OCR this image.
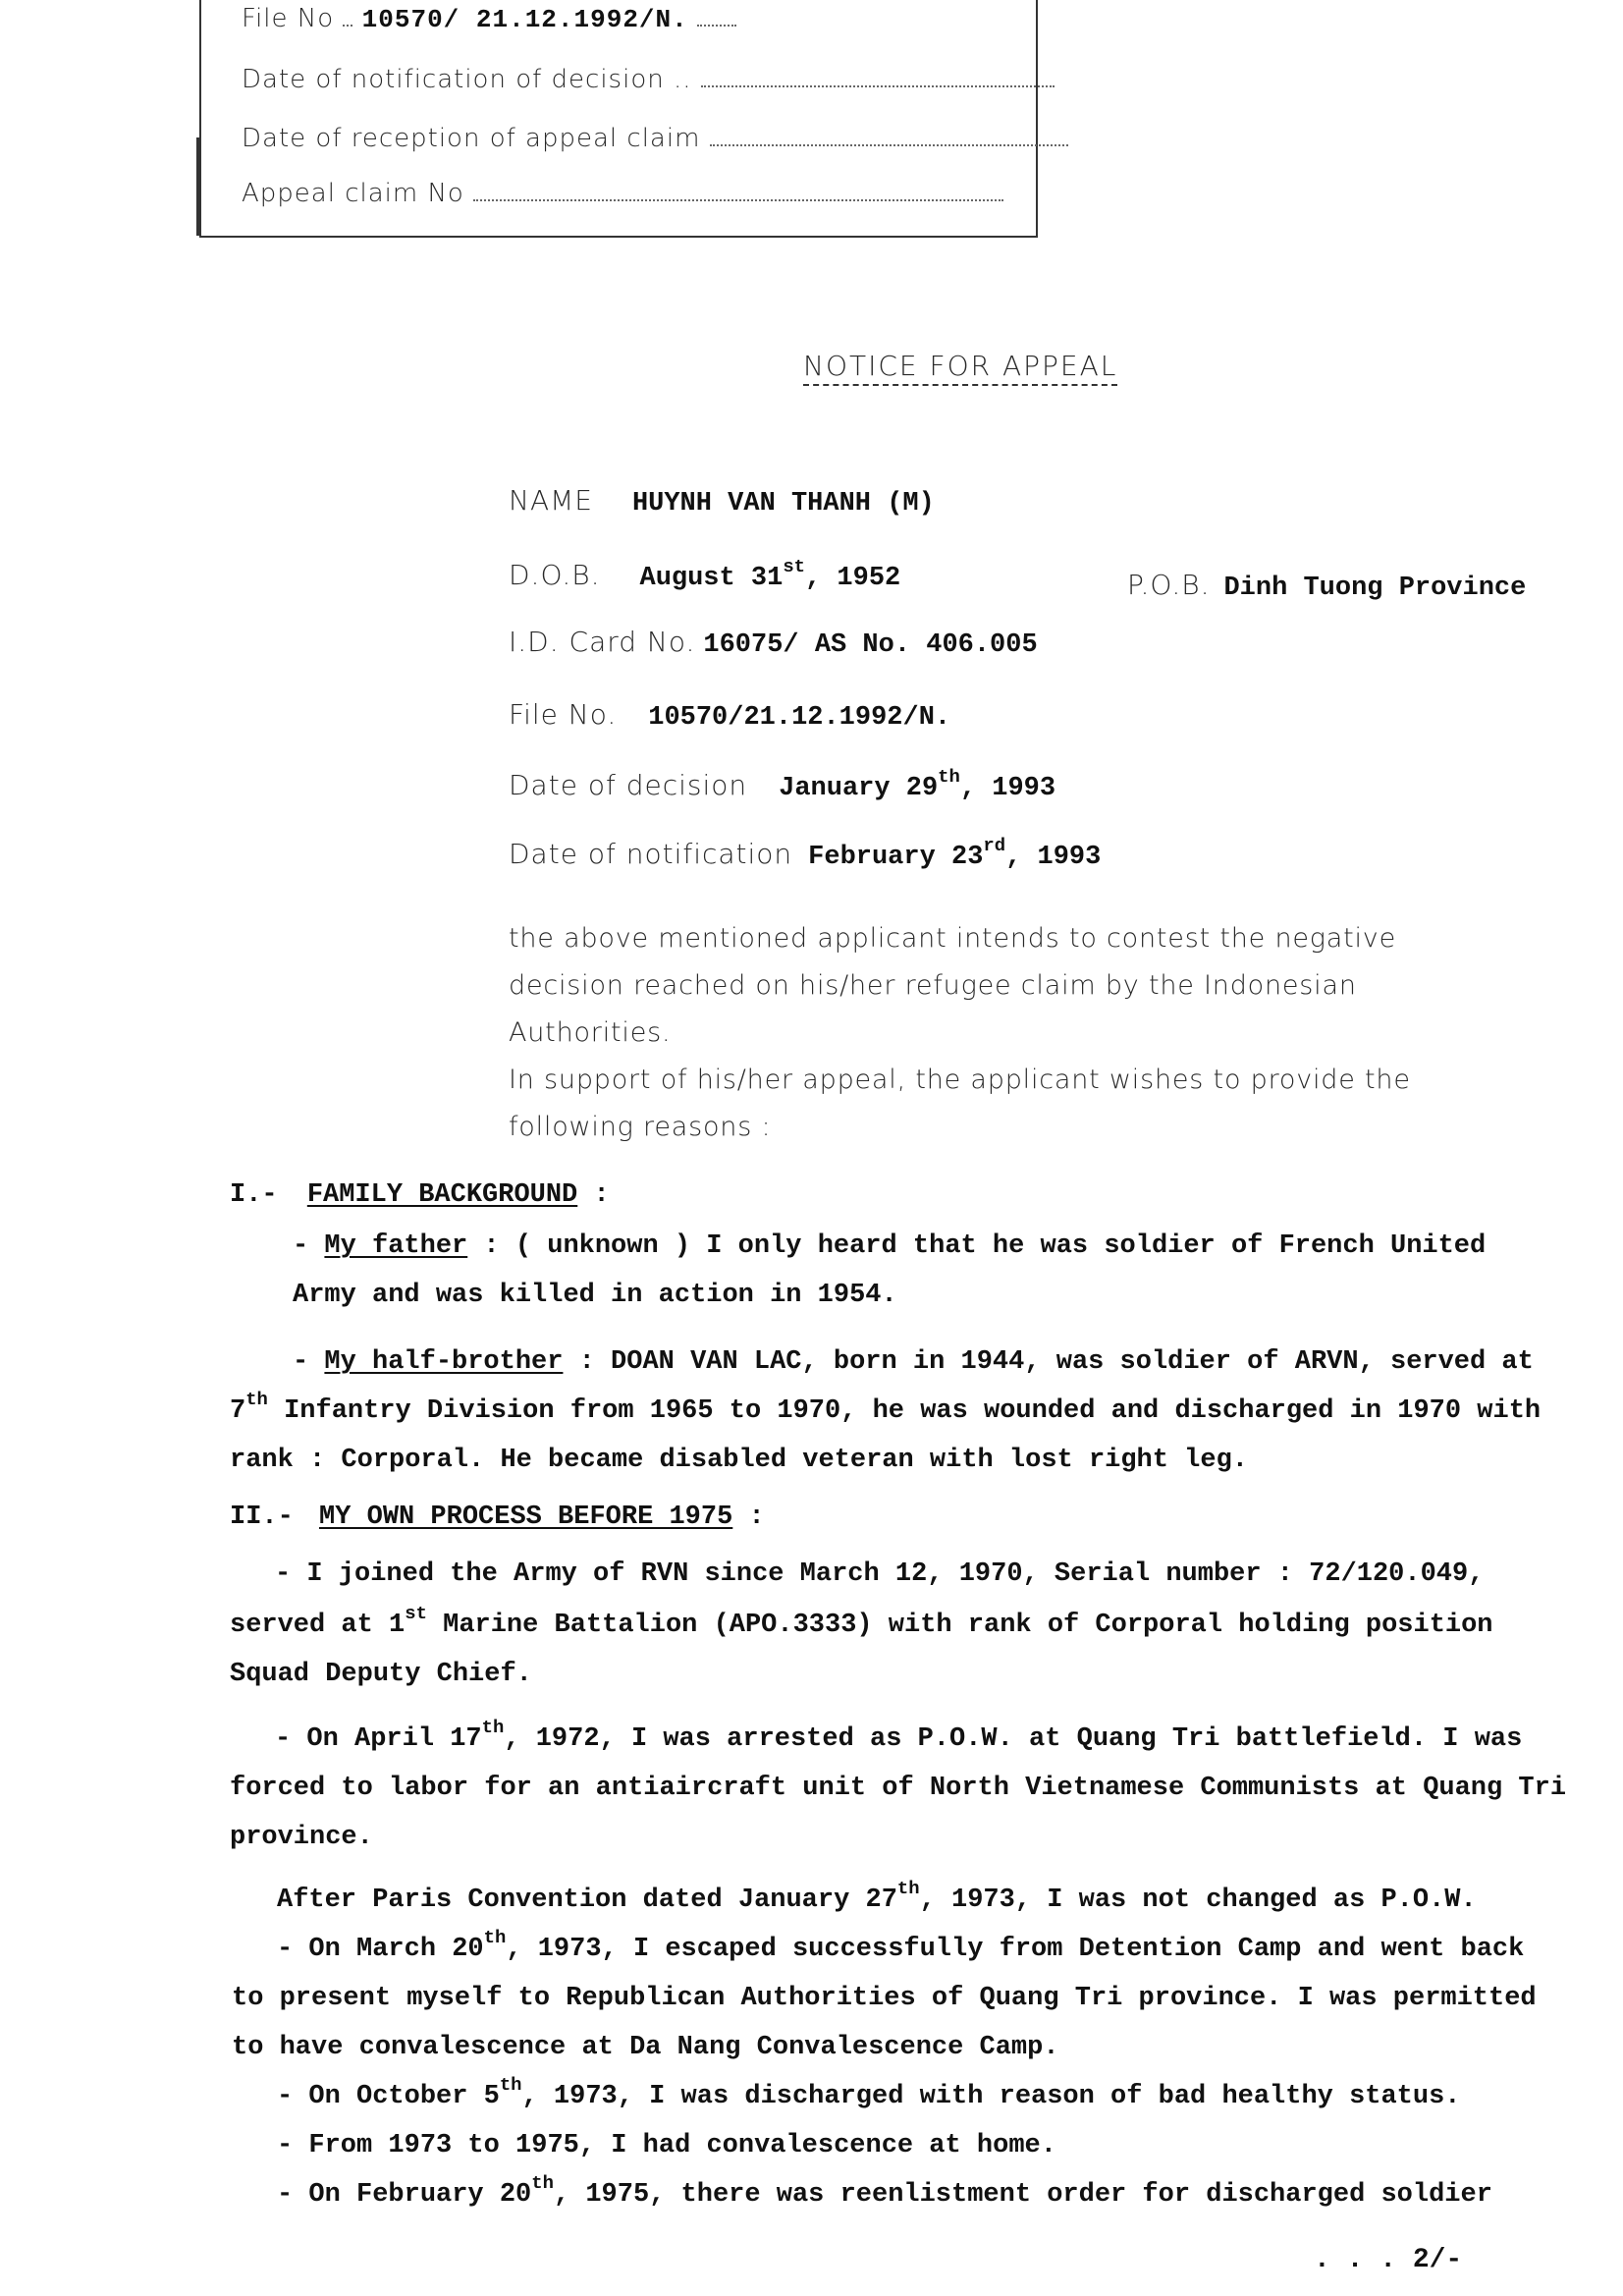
File No 10570/ 21.12.1992/N.
Date of notification of decision ..
Date of reception of appeal claim
Appeal claim No
NOTICE FOR APPEAL
NAME HUYNH VAN THANH (M)
D.O.B. August 31st, 1952	P.O.B. Dinh Tuong Province
I.D. Card No. 16075/ AS No. 406.005
File No. 10570/21.12.1992/N.
Date of decision January 29th, 1993
Date of notification February 23rd, 1993
the above mentioned applicant intends to contest the negative
decision reached on his/her refugee claim by the Indonesian
Authorities.
In support of his/her appeal, the applicant wishes to provide the
following reasons :
I.- FAMILY BACKGROUND :
- My father : ( unknown ) I only heard that he was soldier of French United
Army and was killed in action in 1954.
- My half-brother : DOAN VAN LAC, born in 1944, was soldier of ARVN, served at
7th Infantry Division from 1965 to 1970, he was wounded and discharged in 1970 with
rank : Corporal. He became disabled veteran with lost right leg.
II.- MY OWN PROCESS BEFORE 1975 :
- I joined the Army of RVN since March 12, 1970, Serial number : 72/120.049,
served at 1st Marine Battalion (APO.3333) with rank of Corporal holding position
Squad Deputy Chief.
- On April 17th, 1972, I was arrested as P.O.W. at Quang Tri battlefield. I was
forced to labor for an antiaircraft unit of North Vietnamese Communists at Quang Tri
province.
After Paris Convention dated January 27th, 1973, I was not changed as P.O.W.
- On March 20th, 1973, I escaped successfully from Detention Camp and went back
to present myself to Republican Authorities of Quang Tri province. I was permitted
to have convalescence at Da Nang Convalescence Camp.
- On October 5th, 1973, I was discharged with reason of bad healthy status.
- From 1973 to 1975, I had convalescence at home.
- On February 20th, 1975, there was reenlistment order for discharged soldier
. . . 2/-
